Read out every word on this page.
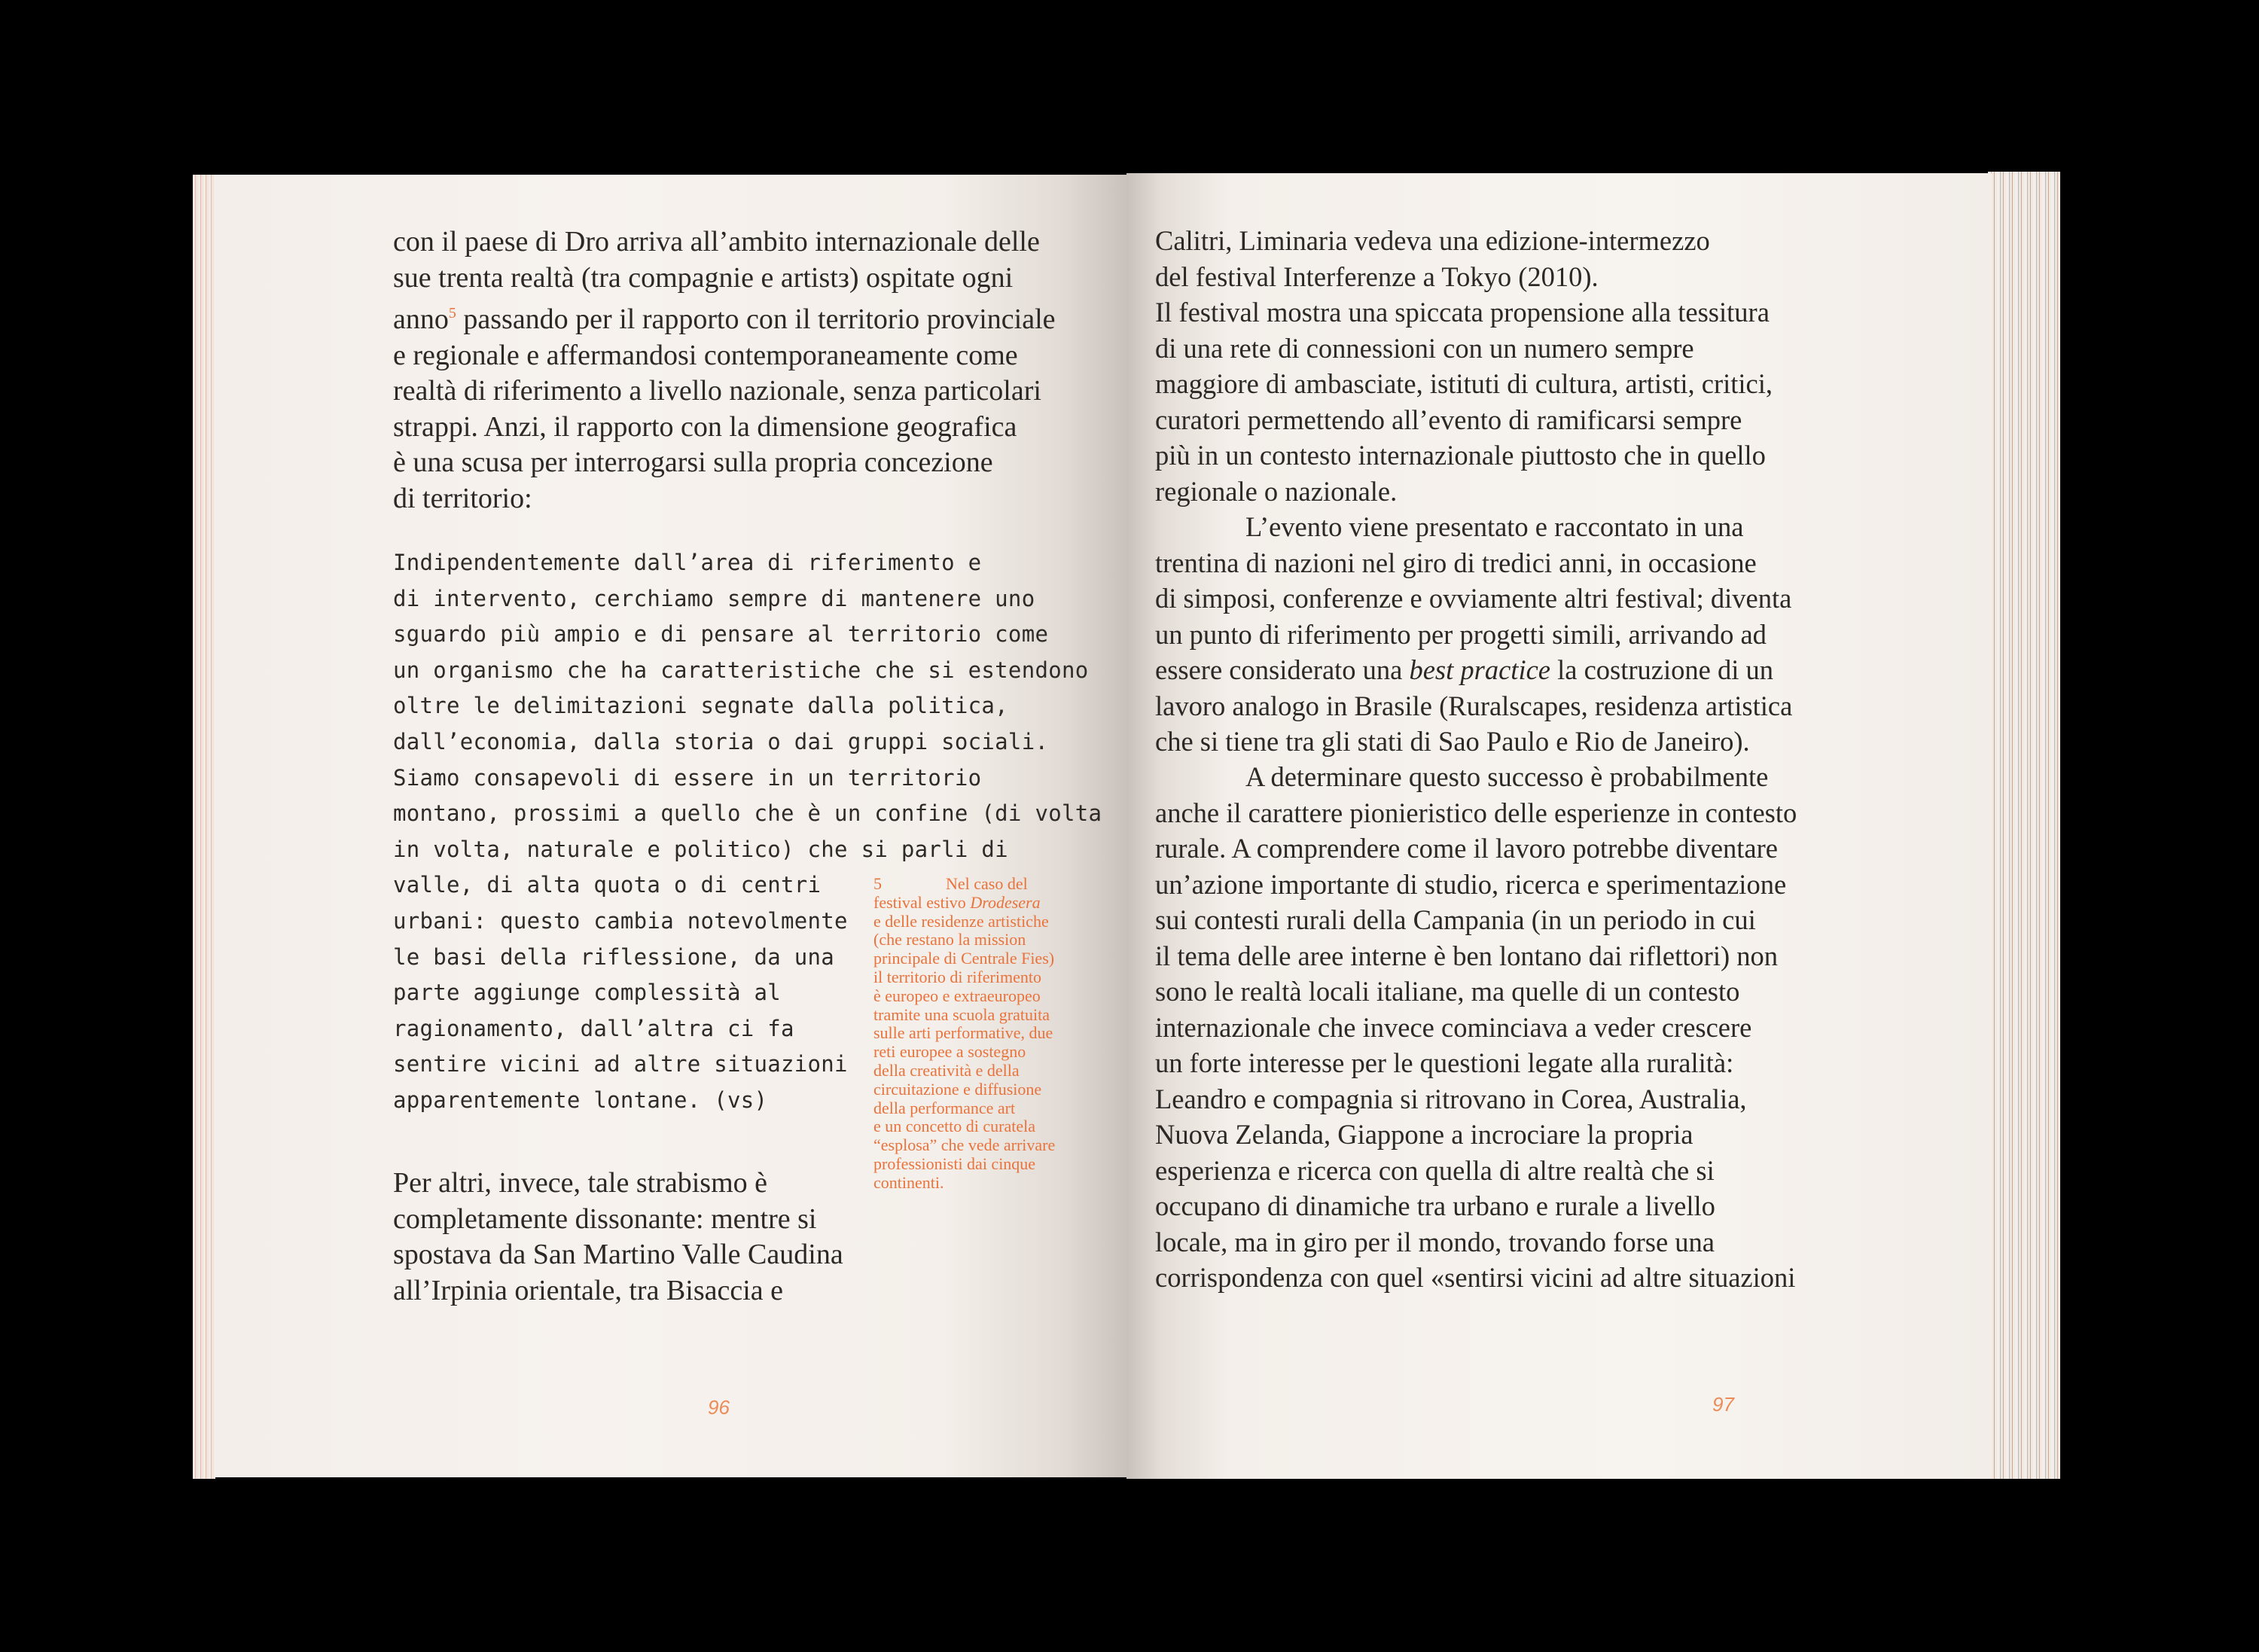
con il paese di Dro arriva all’ambito internazionale delle
sue trenta realtà (tra compagnie e artistз) ospitate ogni
anno$^5$ passando per il rapporto con il territorio provinciale
e regionale e affermandosi contemporaneamente come
realtà di riferimento a livello nazionale, senza particolari
strappi. Anzi, il rapporto con la dimensione geografica
è una scusa per interrogarsi sulla propria concezione
di territorio:
Indipendentemente dall’area di riferimento e
di intervento, cerchiamo sempre di mantenere uno
sguardo più ampio e di pensare al territorio come
un organismo che ha caratteristiche che si estendono
oltre le delimitazioni segnate dalla politica,
dall’economia, dalla storia o dai gruppi sociali.
Siamo consapevoli di essere in un territorio
montano, prossimi a quello che è un confine (di volta
in volta, naturale e politico) che si parli di
valle, di alta quota o di centri
urbani: questo cambia notevolmente
le basi della riflessione, da una
parte aggiunge complessità al
ragionamento, dall’altra ci fa
sentire vicini ad altre situazioni
apparentemente lontane. (vs)
Per altri, invece, tale strabismo è
completamente dissonante: mentre si
spostava da San Martino Valle Caudina
all’Irpinia orientale, tra Bisaccia e
5	Nel caso del
festival estivo Drodesera
e delle residenze artistiche
(che restano la mission
principale di Centrale Fies)
il territorio di riferimento
è europeo e extraeuropeo
tramite una scuola gratuita
sulle arti performative, due
reti europee a sostegno
della creatività e della
circuitazione e diffusione
della performance art
e un concetto di curatela
“esplosa” che vede arrivare
professionisti dai cinque
continenti.
96
Calitri, Liminaria vedeva una edizione-intermezzo
del festival Interferenze a Tokyo (2010).
Il festival mostra una spiccata propensione alla tessitura
di una rete di connessioni con un numero sempre
maggiore di ambasciate, istituti di cultura, artisti, critici,
curatori permettendo all’evento di ramificarsi sempre
più in un contesto internazionale piuttosto che in quello
regionale o nazionale.
L’evento viene presentato e raccontato in una
trentina di nazioni nel giro di tredici anni, in occasione
di simposi, conferenze e ovviamente altri festival; diventa
un punto di riferimento per progetti simili, arrivando ad
essere considerato una best practice la costruzione di un
lavoro analogo in Brasile (Ruralscapes, residenza artistica
che si tiene tra gli stati di Sao Paulo e Rio de Janeiro).
A determinare questo successo è probabilmente
anche il carattere pionieristico delle esperienze in contesto
rurale. A comprendere come il lavoro potrebbe diventare
un’azione importante di studio, ricerca e sperimentazione
sui contesti rurali della Campania (in un periodo in cui
il tema delle aree interne è ben lontano dai riflettori) non
sono le realtà locali italiane, ma quelle di un contesto
internazionale che invece cominciava a veder crescere
un forte interesse per le questioni legate alla ruralità:
Leandro e compagnia si ritrovano in Corea, Australia,
Nuova Zelanda, Giappone a incrociare la propria
esperienza e ricerca con quella di altre realtà che si
occupano di dinamiche tra urbano e rurale a livello
locale, ma in giro per il mondo, trovando forse una
corrispondenza con quel «sentirsi vicini ad altre situazioni
97
